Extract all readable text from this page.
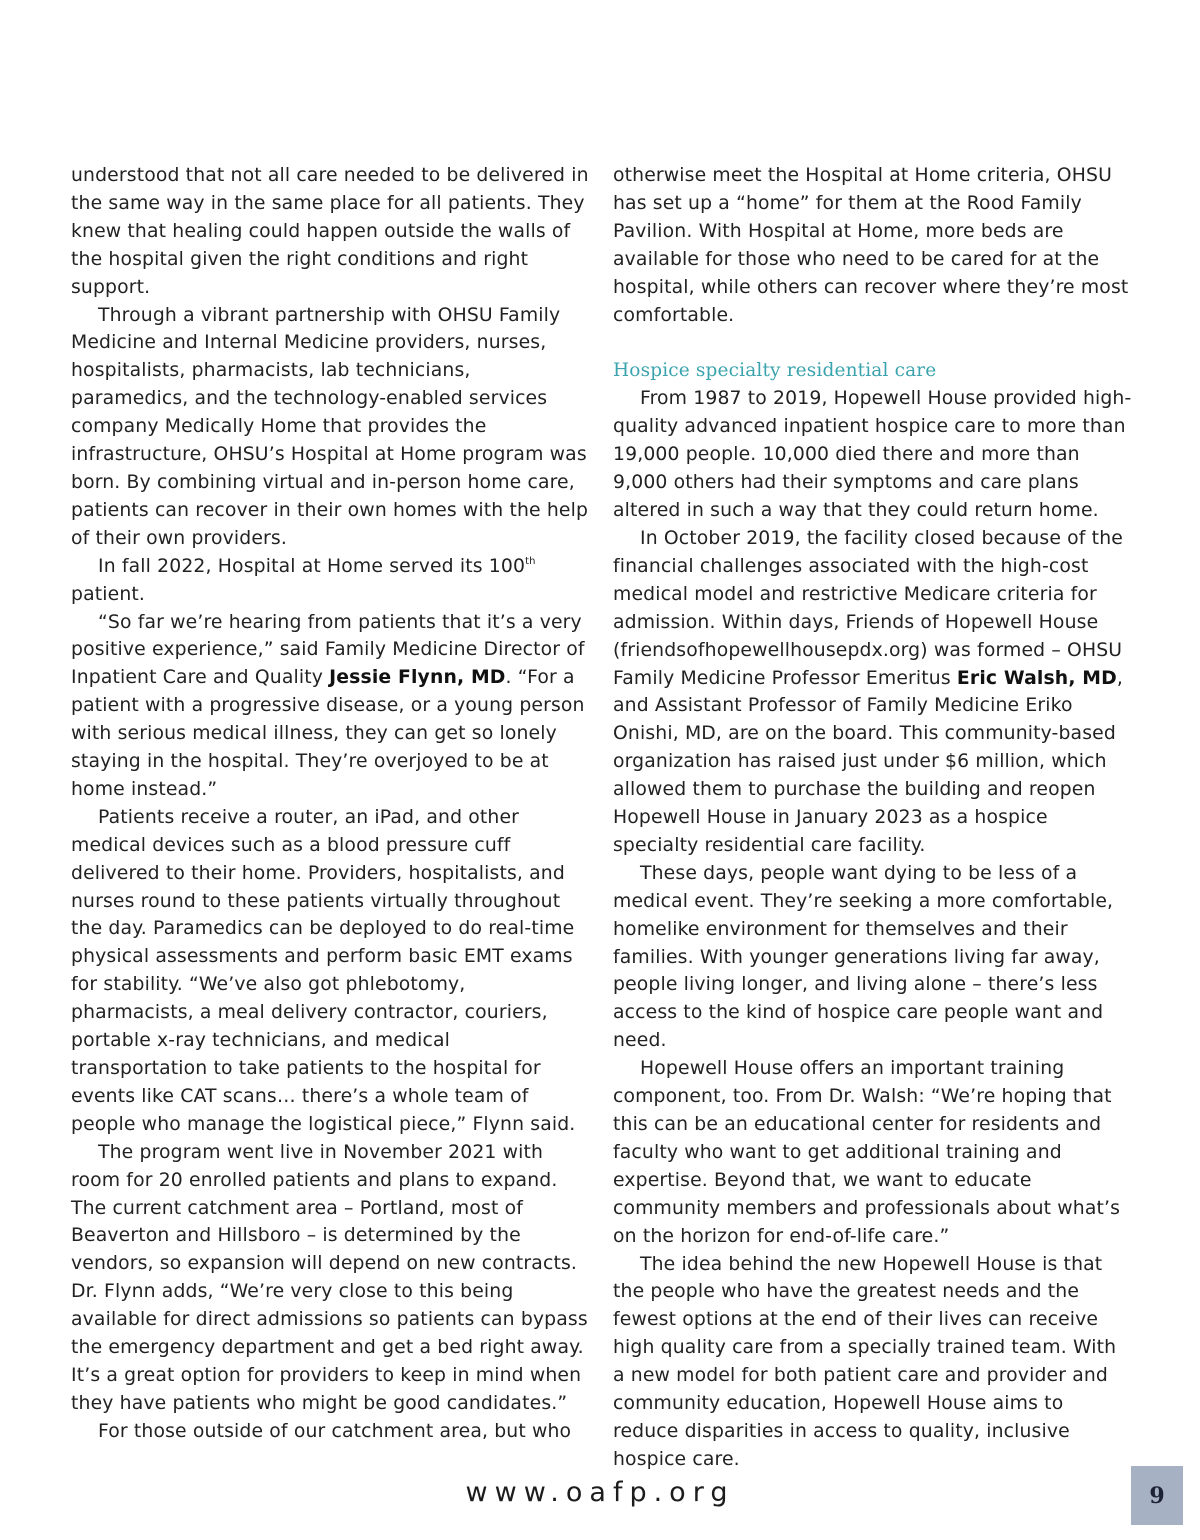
understood that not all care needed to be delivered in the same way in the same place for all patients. They knew that healing could happen outside the walls of the hospital given the right conditions and right support.

Through a vibrant partnership with OHSU Family Medicine and Internal Medicine providers, nurses, hospitalists, pharmacists, lab technicians, paramedics, and the technology-enabled services company Medically Home that provides the infrastructure, OHSU’s Hospital at Home program was born. By combining virtual and in-person home care, patients can recover in their own homes with the help of their own providers.

In fall 2022, Hospital at Home served its 100th patient.

“So far we’re hearing from patients that it’s a very positive experience,” said Family Medicine Director of Inpatient Care and Quality Jessie Flynn, MD. “For a patient with a progressive disease, or a young person with serious medical illness, they can get so lonely staying in the hospital. They’re overjoyed to be at home instead.”

Patients receive a router, an iPad, and other medical devices such as a blood pressure cuff delivered to their home. Providers, hospitalists, and nurses round to these patients virtually throughout the day. Paramedics can be deployed to do real-time physical assessments and perform basic EMT exams for stability. “We’ve also got phlebotomy, pharmacists, a meal delivery contractor, couriers, portable x-ray technicians, and medical transportation to take patients to the hospital for events like CAT scans… there’s a whole team of people who manage the logistical piece,” Flynn said.

The program went live in November 2021 with room for 20 enrolled patients and plans to expand. The current catchment area – Portland, most of Beaverton and Hillsboro – is determined by the vendors, so expansion will depend on new contracts. Dr. Flynn adds, “We’re very close to this being available for direct admissions so patients can bypass the emergency department and get a bed right away. It’s a great option for providers to keep in mind when they have patients who might be good candidates.”

For those outside of our catchment area, but who

otherwise meet the Hospital at Home criteria, OHSU has set up a “home” for them at the Rood Family Pavilion. With Hospital at Home, more beds are available for those who need to be cared for at the hospital, while others can recover where they’re most comfortable.

Hospice specialty residential care

From 1987 to 2019, Hopewell House provided high-quality advanced inpatient hospice care to more than 19,000 people. 10,000 died there and more than 9,000 others had their symptoms and care plans altered in such a way that they could return home.

In October 2019, the facility closed because of the financial challenges associated with the high-cost medical model and restrictive Medicare criteria for admission. Within days, Friends of Hopewell House (friendsofhopewellhousepdx.org) was formed – OHSU Family Medicine Professor Emeritus Eric Walsh, MD, and Assistant Professor of Family Medicine Eriko Onishi, MD, are on the board. This community-based organization has raised just under $6 million, which allowed them to purchase the building and reopen Hopewell House in January 2023 as a hospice specialty residential care facility.

These days, people want dying to be less of a medical event. They’re seeking a more comfortable, homelike environment for themselves and their families. With younger generations living far away, people living longer, and living alone – there’s less access to the kind of hospice care people want and need.

Hopewell House offers an important training component, too. From Dr. Walsh: “We’re hoping that this can be an educational center for residents and faculty who want to get additional training and expertise. Beyond that, we want to educate community members and professionals about what’s on the horizon for end-of-life care.”

The idea behind the new Hopewell House is that the people who have the greatest needs and the fewest options at the end of their lives can receive high quality care from a specially trained team. With a new model for both patient care and provider and community education, Hopewell House aims to reduce disparities in access to quality, inclusive hospice care.

www.oafp.org	9
